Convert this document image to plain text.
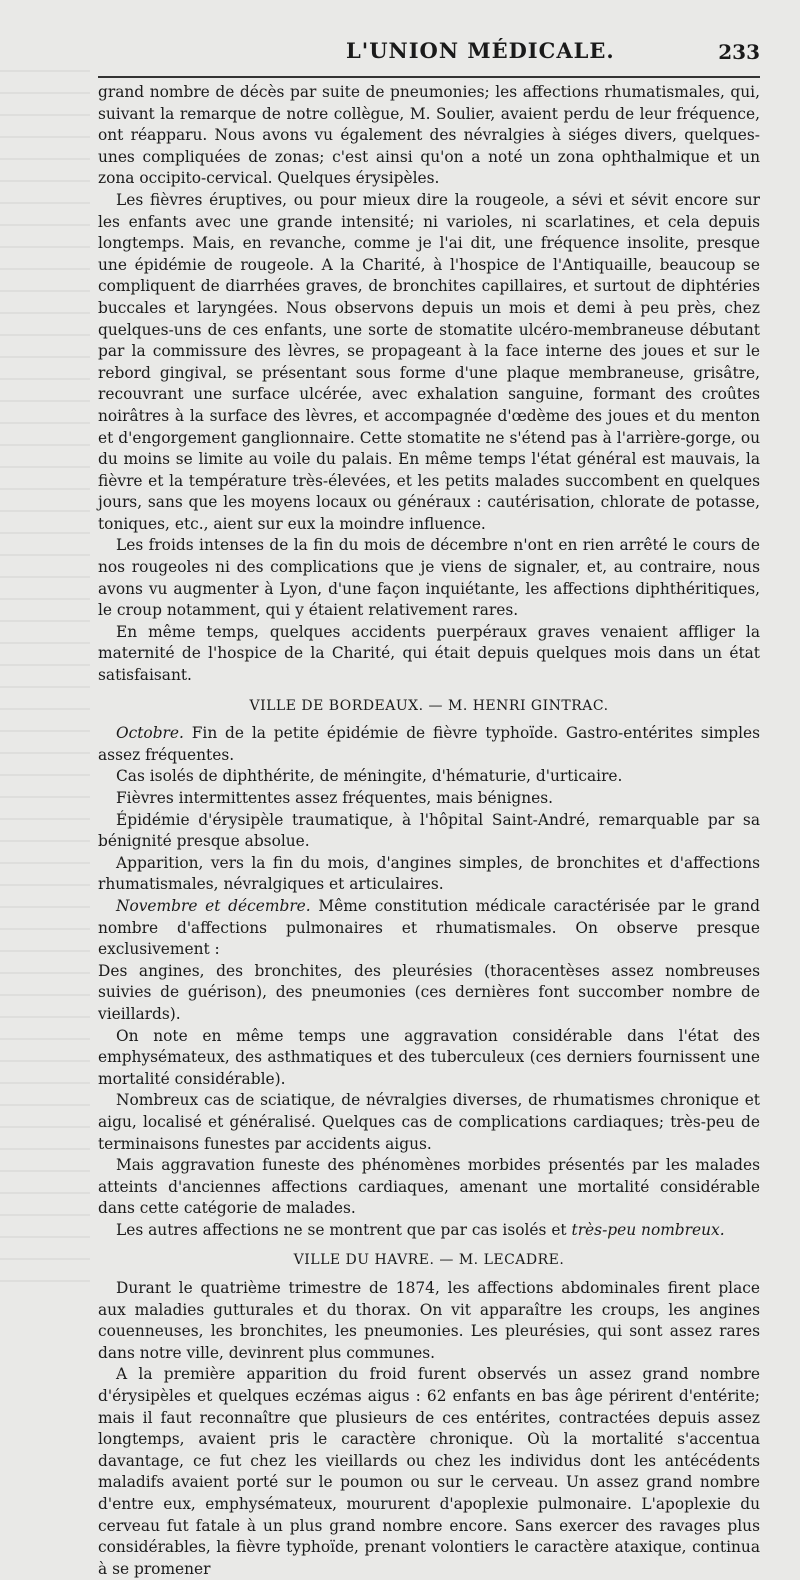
L'UNION MÉDICALE.	233

grand nombre de décès par suite de pneumonies; les affections rhumatismales, qui, suivant la remarque de notre collègue, M. Soulier, avaient perdu de leur fréquence, ont réapparu. Nous avons vu également des névralgies à siéges divers, quelques-unes compliquées de zonas; c'est ainsi qu'on a noté un zona ophthalmique et un zona occipito-cervical. Quelques érysipèles.

Les fièvres éruptives, ou pour mieux dire la rougeole, a sévi et sévit encore sur les enfants avec une grande intensité; ni varioles, ni scarlatines, et cela depuis longtemps. Mais, en revanche, comme je l'ai dit, une fréquence insolite, presque une épidémie de rougeole. A la Charité, à l'hospice de l'Antiquaille, beaucoup se compliquent de diarrhées graves, de bronchites capillaires, et surtout de diphtéries buccales et laryngées. Nous observons depuis un mois et demi à peu près, chez quelques-uns de ces enfants, une sorte de stomatite ulcéro-membraneuse débutant par la commissure des lèvres, se propageant à la face interne des joues et sur le rebord gingival, se présentant sous forme d'une plaque membraneuse, grisâtre, recouvrant une surface ulcérée, avec exhalation sanguine, formant des croûtes noirâtres à la surface des lèvres, et accompagnée d'œdème des joues et du menton et d'engorgement ganglionnaire. Cette stomatite ne s'étend pas à l'arrière-gorge, ou du moins se limite au voile du palais. En même temps l'état général est mauvais, la fièvre et la température très-élevées, et les petits malades succombent en quelques jours, sans que les moyens locaux ou généraux : cautérisation, chlorate de potasse, toniques, etc., aient sur eux la moindre influence.

Les froids intenses de la fin du mois de décembre n'ont en rien arrêté le cours de nos rougeoles ni des complications que je viens de signaler, et, au contraire, nous avons vu augmenter à Lyon, d'une façon inquiétante, les affections diphthéritiques, le croup notamment, qui y étaient relativement rares.

En même temps, quelques accidents puerpéraux graves venaient affliger la maternité de l'hospice de la Charité, qui était depuis quelques mois dans un état satisfaisant.

VILLE DE BORDEAUX. — M. HENRI GINTRAC.

Octobre. Fin de la petite épidémie de fièvre typhoïde. Gastro-entérites simples assez fréquentes.

Cas isolés de diphthérite, de méningite, d'hématurie, d'urticaire.

Fièvres intermittentes assez fréquentes, mais bénignes.

Épidémie d'érysipèle traumatique, à l'hôpital Saint-André, remarquable par sa bénignité presque absolue.

Apparition, vers la fin du mois, d'angines simples, de bronchites et d'affections rhumatismales, névralgiques et articulaires.

Novembre et décembre. Même constitution médicale caractérisée par le grand nombre d'affections pulmonaires et rhumatismales. On observe presque exclusivement :

Des angines, des bronchites, des pleurésies (thoracentèses assez nombreuses suivies de guérison), des pneumonies (ces dernières font succomber nombre de vieillards).

On note en même temps une aggravation considérable dans l'état des emphysémateux, des asthmatiques et des tuberculeux (ces derniers fournissent une mortalité considérable).

Nombreux cas de sciatique, de névralgies diverses, de rhumatismes chronique et aigu, localisé et généralisé. Quelques cas de complications cardiaques; très-peu de terminaisons funestes par accidents aigus.

Mais aggravation funeste des phénomènes morbides présentés par les malades atteints d'anciennes affections cardiaques, amenant une mortalité considérable dans cette catégorie de malades.

Les autres affections ne se montrent que par cas isolés et très-peu nombreux.

VILLE DU HAVRE. — M. LECADRE.

Durant le quatrième trimestre de 1874, les affections abdominales firent place aux maladies gutturales et du thorax. On vit apparaître les croups, les angines couenneuses, les bronchites, les pneumonies. Les pleurésies, qui sont assez rares dans notre ville, devinrent plus communes.

A la première apparition du froid furent observés un assez grand nombre d'érysipèles et quelques eczémas aigus : 62 enfants en bas âge périrent d'entérite; mais il faut reconnaître que plusieurs de ces entérites, contractées depuis assez longtemps, avaient pris le caractère chronique. Où la mortalité s'accentua davantage, ce fut chez les vieillards ou chez les individus dont les antécédents maladifs avaient porté sur le poumon ou sur le cerveau. Un assez grand nombre d'entre eux, emphysémateux, moururent d'apoplexie pulmonaire. L'apoplexie du cerveau fut fatale à un plus grand nombre encore. Sans exercer des ravages plus considérables, la fièvre typhoïde, prenant volontiers le caractère ataxique, continua à se promener
